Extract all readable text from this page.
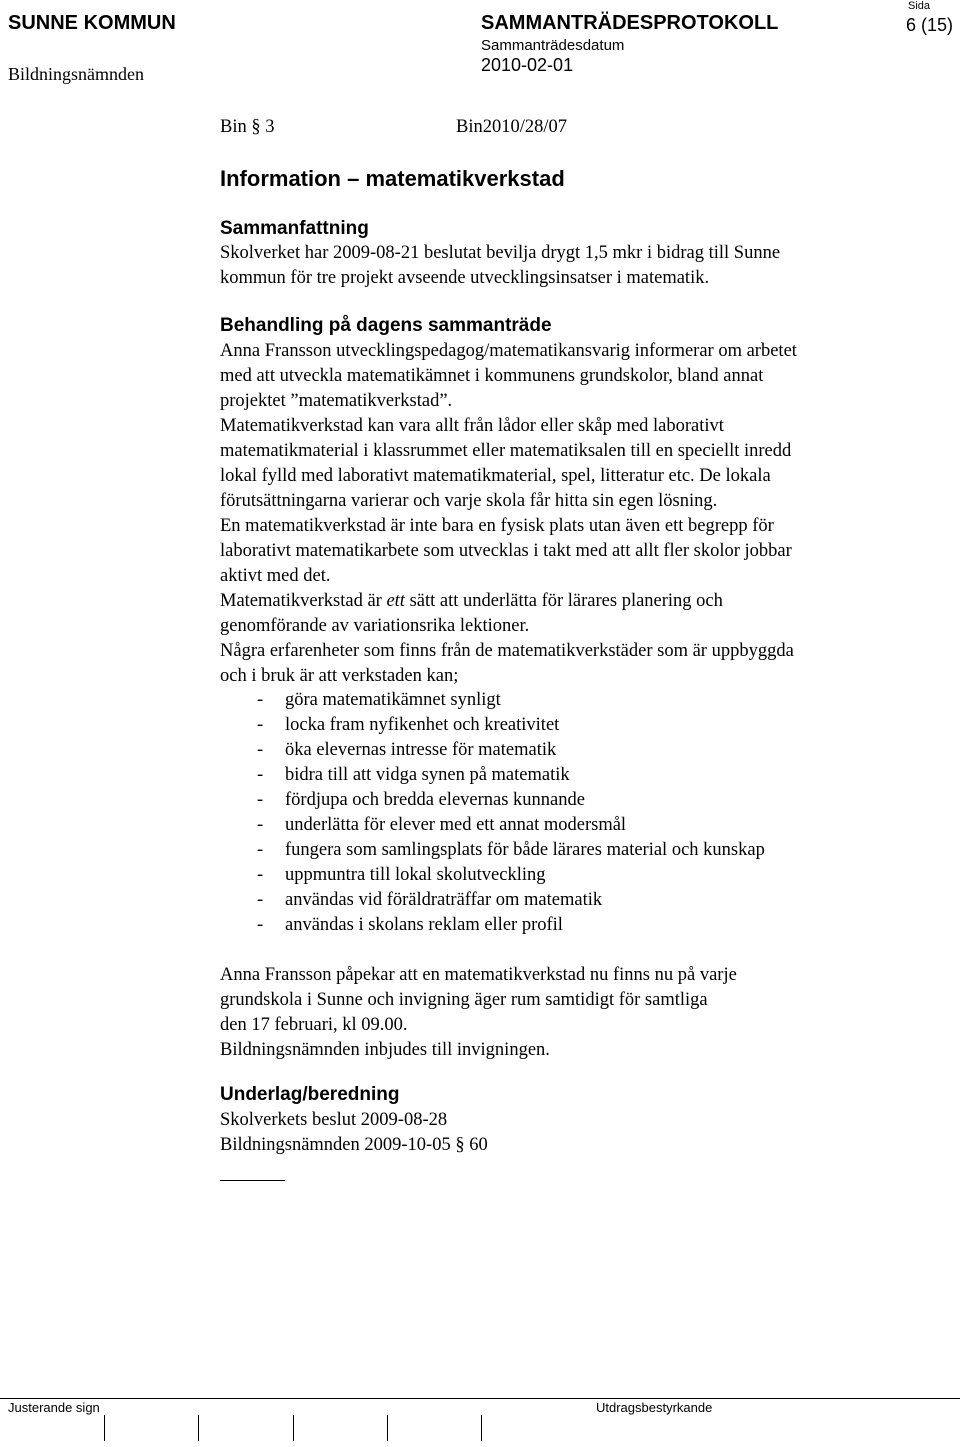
SUNNE KOMMUN
Bildningsnämnden
SAMMANTRÄDESPROTOKOLL
Sammanträdesdatum
2010-02-01
Sida
6 (15)
Bin § 3	Bin2010/28/07
Information – matematikverkstad
Sammanfattning
Skolverket har 2009-08-21 beslutat bevilja drygt 1,5 mkr i bidrag till Sunne
kommun för tre projekt avseende utvecklingsinsatser i matematik.
Behandling på dagens sammanträde
Anna Fransson utvecklingspedagog/matematikansvarig informerar om arbetet
med att utveckla matematikämnet i kommunens grundskolor, bland annat
projektet ”matematikverkstad”.
Matematikverkstad kan vara allt från lådor eller skåp med laborativt
matematikmaterial i klassrummet eller matematiksalen till en speciellt inredd
lokal fylld med laborativt matematikmaterial, spel, litteratur etc. De lokala
förutsättningarna varierar och varje skola får hitta sin egen lösning.
En matematikverkstad är inte bara en fysisk plats utan även ett begrepp för
laborativt matematikarbete som utvecklas i takt med att allt fler skolor jobbar
aktivt med det.
Matematikverkstad är ett sätt att underlätta för lärares planering och
genomförande av variationsrika lektioner.
Några erfarenheter som finns från de matematikverkstäder som är uppbyggda
och i bruk är att verkstaden kan;
- göra matematikämnet synligt
- locka fram nyfikenhet och kreativitet
- öka elevernas intresse för matematik
- bidra till att vidga synen på matematik
- fördjupa och bredda elevernas kunnande
- underlätta för elever med ett annat modersmål
- fungera som samlingsplats för både lärares material och kunskap
- uppmuntra till lokal skolutveckling
- användas vid föräldraträffar om matematik
- användas i skolans reklam eller profil
Anna Fransson påpekar att en matematikverkstad nu finns nu på varje
grundskola i Sunne och invigning äger rum samtidigt för samtliga
den 17 februari, kl 09.00.
Bildningsnämnden inbjudes till invigningen.
Underlag/beredning
Skolverkets beslut 2009-08-28
Bildningsnämnden 2009-10-05 § 60
Justerande sign	Utdragsbestyrkande
